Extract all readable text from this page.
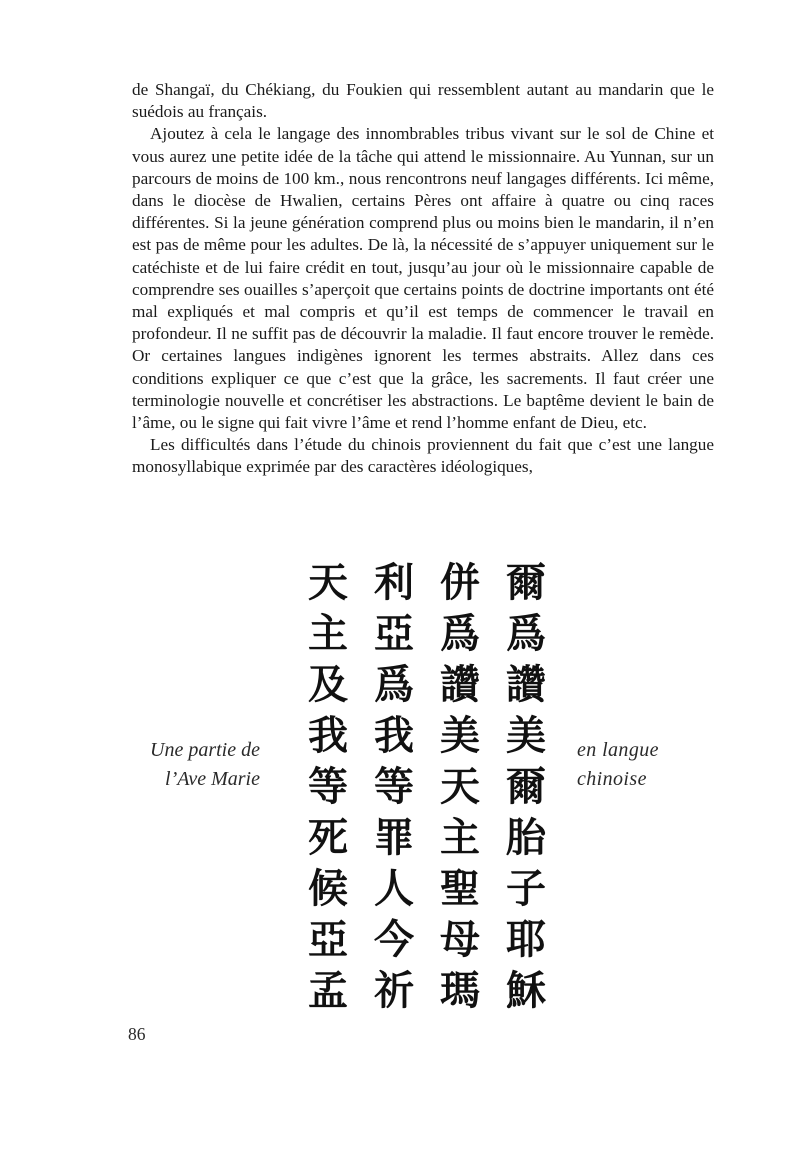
de Shangaï, du Chékiang, du Foukien qui ressemblent autant au mandarin que le suédois au français.

Ajoutez à cela le langage des innombrables tribus vivant sur le sol de Chine et vous aurez une petite idée de la tâche qui attend le missionnaire. Au Yunnan, sur un parcours de moins de 100 km., nous rencontrons neuf langages différents. Ici même, dans le diocèse de Hwalien, certains Pères ont affaire à quatre ou cinq races différentes. Si la jeune génération comprend plus ou moins bien le mandarin, il n’en est pas de même pour les adultes. De là, la nécessité de s’appuyer uniquement sur le catéchiste et de lui faire crédit en tout, jusqu’au jour où le missionnaire capable de comprendre ses ouailles s’aperçoit que certains points de doctrine importants ont été mal expliqués et mal compris et qu’il est temps de commencer le travail en profondeur. Il ne suffit pas de découvrir la maladie. Il faut encore trouver le remède. Or certaines langues indigènes ignorent les termes abstraits. Allez dans ces conditions expliquer ce que c’est que la grâce, les sacrements. Il faut créer une terminologie nouvelle et concrétiser les abstractions. Le baptême devient le bain de l’âme, ou le signe qui fait vivre l’âme et rend l’homme enfant de Dieu, etc.

Les difficultés dans l’étude du chinois proviennent du fait que c’est une langue monosyllabique exprimée par des caractères idéologiques,

Une partie de
l’Ave Marie
爾
爲
讚
美
爾
胎
子
耶
穌
併
爲
讚
美
天
主
聖
母
瑪
利
亞
爲
我
等
罪
人
今
祈
天
主
及
我
等
死
候
亞
孟
en langue
chinoise
86
